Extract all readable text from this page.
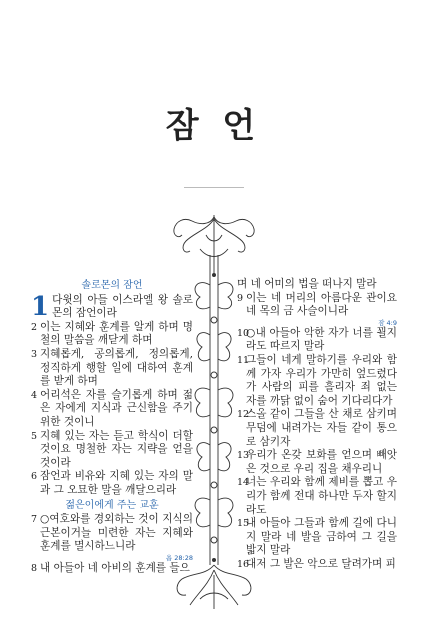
잠 언
솔로몬의 잠언
1 다윗의 아들 이스라엘 왕 솔로몬의 잠언이라
2 이는 지혜와 훈계를 알게 하며 명철의 말씀을 깨닫게 하며
3 지혜롭게, 공의롭게, 정의롭게, 정직하게 행할 일에 대하여 훈계를 받게 하며
4 어리석은 자를 슬기롭게 하며 젊은 자에게 지식과 근신함을 주기 위한 것이니
5 지혜 있는 자는 듣고 학식이 더할 것이요 명철한 자는 지략을 얻을 것이라
6 잠언과 비유와 지혜 있는 자의 말과 그 오묘한 말을 깨달으리라
젊은이에게 주는 교훈
7 ○여호와를 경외하는 것이 지식의 근본이거늘 미련한 자는 지혜와 훈계를 멸시하느니라
욥 28:28
8 내 아들아 네 아비의 훈계를 들으
며 네 어미의 법을 떠나지 말라
9 이는 네 머리의 아름다운 관이요 네 목의 금 사슬이니라
잠 4:9
10
○내 아들아 악한 자가 너를 꾈지라도 따르지 말라
11
그들이 네게 말하기를 우리와 함께 가자 우리가 가만히 엎드렸다가 사람의 피를 흘리자 죄 없는 자를 까닭 없이 숨어 기다리다가
12
스올 같이 그들을 산 채로 삼키며 무덤에 내려가는 자들 같이 통으로 삼키자
13
우리가 온갖 보화를 얻으며 빼앗은 것으로 우리 집을 채우리니
14
너는 우리와 함께 제비를 뽑고 우리가 함께 전대 하나만 두자 할지라도
15
내 아들아 그들과 함께 길에 다니지 말라 네 발을 금하여 그 길을 밟지 말라
16
대저 그 발은 악으로 달려가며 피
